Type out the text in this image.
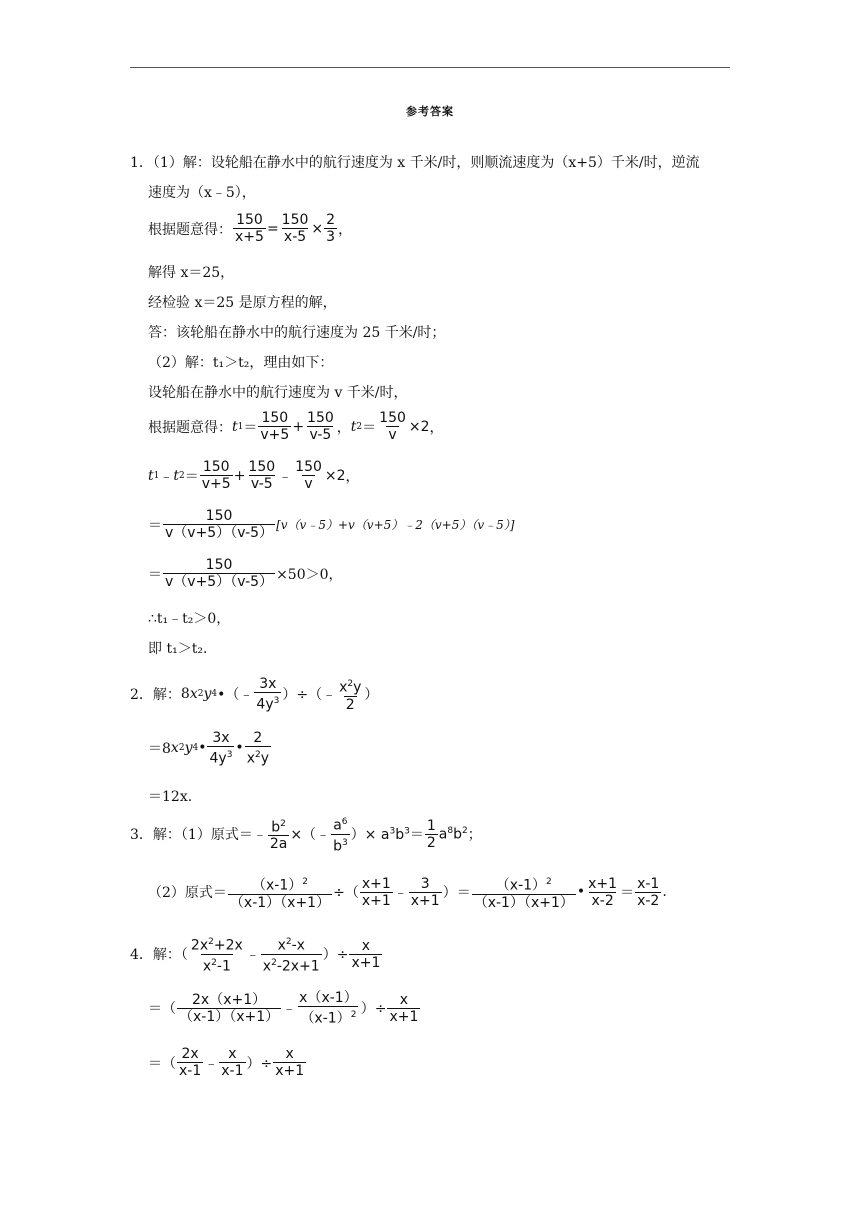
参考答案
1．（1）解：设轮船在静水中的航行速度为 x 千米/时，则顺流速度为（x+5）千米/时，逆流
速度为（x﹣5），
根据题意得： $\frac{150}{x+5} = \frac{150}{x-5} \times \frac{2}{3}$ ，
解得 x＝25，
经检验 x＝25 是原方程的解，
答：该轮船在静水中的航行速度为 25 千米/时；
（2）解：t₁＞t₂，理由如下：
设轮船在静水中的航行速度为 v 千米/时，
根据题意得： t $1 = \frac{150}{v+5} + \frac{150}{v-5}$ ， t $2 = \frac{150}{v} \times 2$ ，
t 1 ﹣ t $2 = \frac{150}{v+5} + \frac{150}{v-5}$ ﹣ $\frac{150}{v} \times 2$ ，
＝ $\frac{150}{v(v+5)(v-5)}$ [v（v﹣5）+v（v+5）﹣2（v+5）（v﹣5）]
＝ $\frac{150}{v(v+5)(v-5)} \times 50>0$，
∴t₁﹣t₂＞0，
即 t₁＞t₂.
2．解： 8 x 2 y 4 •（﹣ $\frac{3x}{4y^3}$ ）÷（﹣ $\frac{x^2y}{2}$ ）
＝8 x 2 y 4 • $\frac{3x}{4y^3}$ • $\frac{2}{x^2y}$
＝12x.
3．解：（1）原式＝ ﹣ $\frac{b^2}{2a}$ ×（ ﹣ $\frac{a^6}{b^3}$ ）× $a^3b^3= \frac{1}{2} a^8b^2$ ；
（2）原式＝ $\frac{(x-1)^2}{(x-1)(x+1)}$ ÷（ $\frac{x+1}{x+1}$ ﹣ $\frac{3}{x+1}$ ）＝ $\frac{(x-1)^2}{(x-1)(x+1)}$ • $\frac{x+1}{x-2} = \frac{x-1}{x-2}$ .
4．解：（ $\frac{2x^2+2x}{x^2-1}$ ﹣ $\frac{x^2-x}{x^2-2x+1}$ ）÷ $\frac{x}{x+1}$
＝（ $\frac{2x(x+1)}{(x-1)(x+1)}$ ﹣ $\frac{x(x-1)}{(x-1)^2}$ ）÷ $\frac{x}{x+1}$
＝（ $\frac{2x}{x-1}$ ﹣ $\frac{x}{x-1}$ ）÷ $\frac{x}{x+1}$
